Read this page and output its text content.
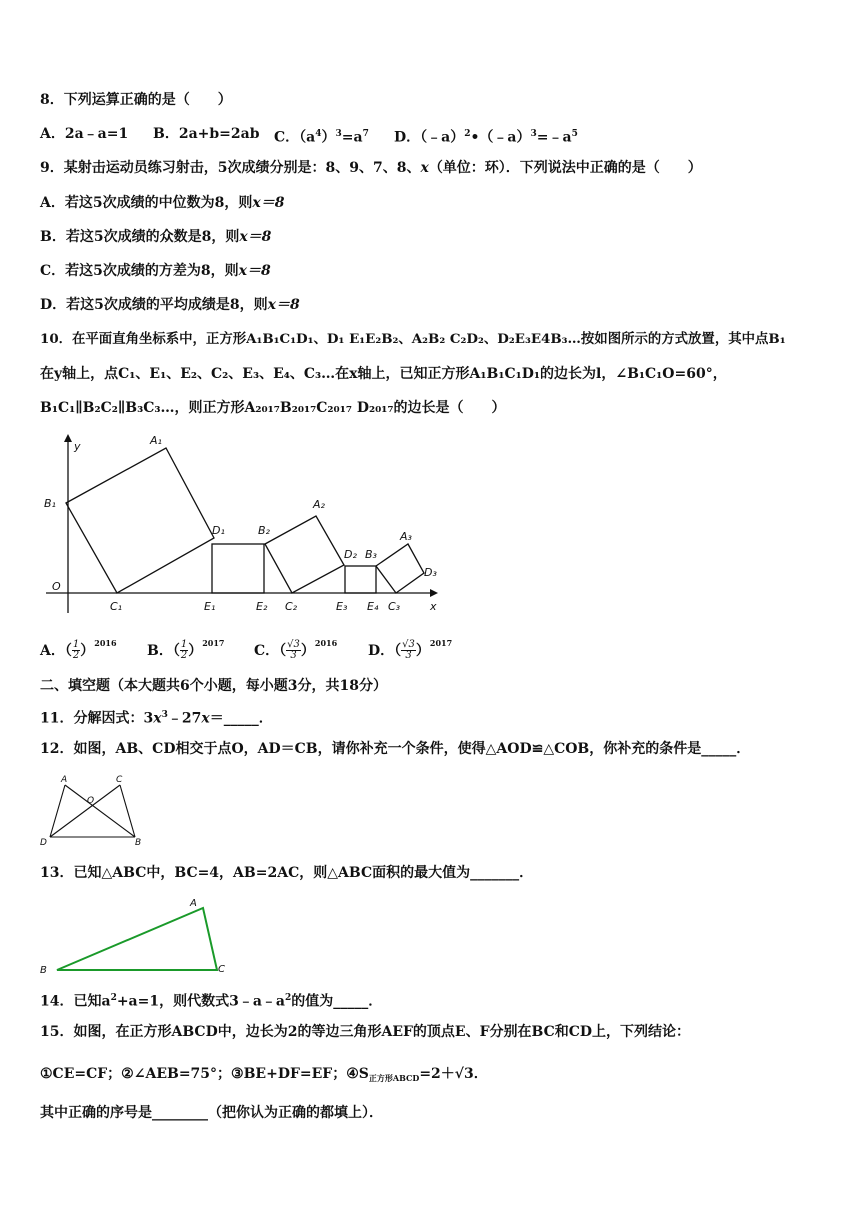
8．下列运算正确的是（　　）
A．2a﹣a=1 B．2a+b=2ab C．$(a^4)^3=a^7$ D．$(﹣a)^2•(﹣a)^3=﹣a^5$
9．某射击运动员练习射击，5次成绩分别是：8、9、7、8、x（单位：环）．下列说法中正确的是（　　）
A．若这5次成绩的中位数为8，则x＝8
B．若这5次成绩的众数是8，则x＝8
C．若这5次成绩的方差为8，则x＝8
D．若这5次成绩的平均成绩是8，则x＝8
10．在平面直角坐标系中，正方形A₁B₁C₁D₁、D₁ E₁E₂B₂、A₂B₂ C₂D₂、D₂E₃E4B₃…按如图所示的方式放置，其中点B₁
在y轴上，点C₁、E₁、E₂、C₂、E₃、E₄、C₃…在x轴上，已知正方形A₁B₁C₁D₁的边长为l，∠B₁C₁O=60°，
B₁C₁∥B₂C₂∥B₃C₃…，则正方形A₂₀₁₇B₂₀₁₇C₂₀₁₇ D₂₀₁₇的边长是（　　）
y
x
O
A₁
B₁
C₁
D₁
E₁
B₂
E₂ C₂
A₂
D₂ B₃
E₃ E₄ C₃
A₃
D₃
A．（ 1
2 ） 2016 B．（ 1
2 ） 2017 C．（ √3
3 ） 2016 D．（ √3
3 ） 2017
二、填空题（本大题共6个小题，每小题3分，共18分）
11．分解因式：$3x^3﹣27x=\_\_\_\_\_$．
12．如图，AB、CD相交于点O，AD＝CB，请你补充一个条件，使得△AOD≌△COB，你补充的条件是_____．
A	C
O
D	B
13．已知△ABC中，BC=4，AB=2AC，则△ABC面积的最大值为_______．
A
B	C
14．已知$a^2+a=1$，则代数式$3﹣a﹣a^2$的值为_____．
15．如图，在正方形ABCD中，边长为2的等边三角形AEF的顶点E、F分别在BC和CD上，下列结论：
①CE=CF；②∠AEB=75°；③BE+DF=EF；$④S_{正方形ABCD}=2+√3$．
其中正确的序号是________（把你认为正确的都填上）．
